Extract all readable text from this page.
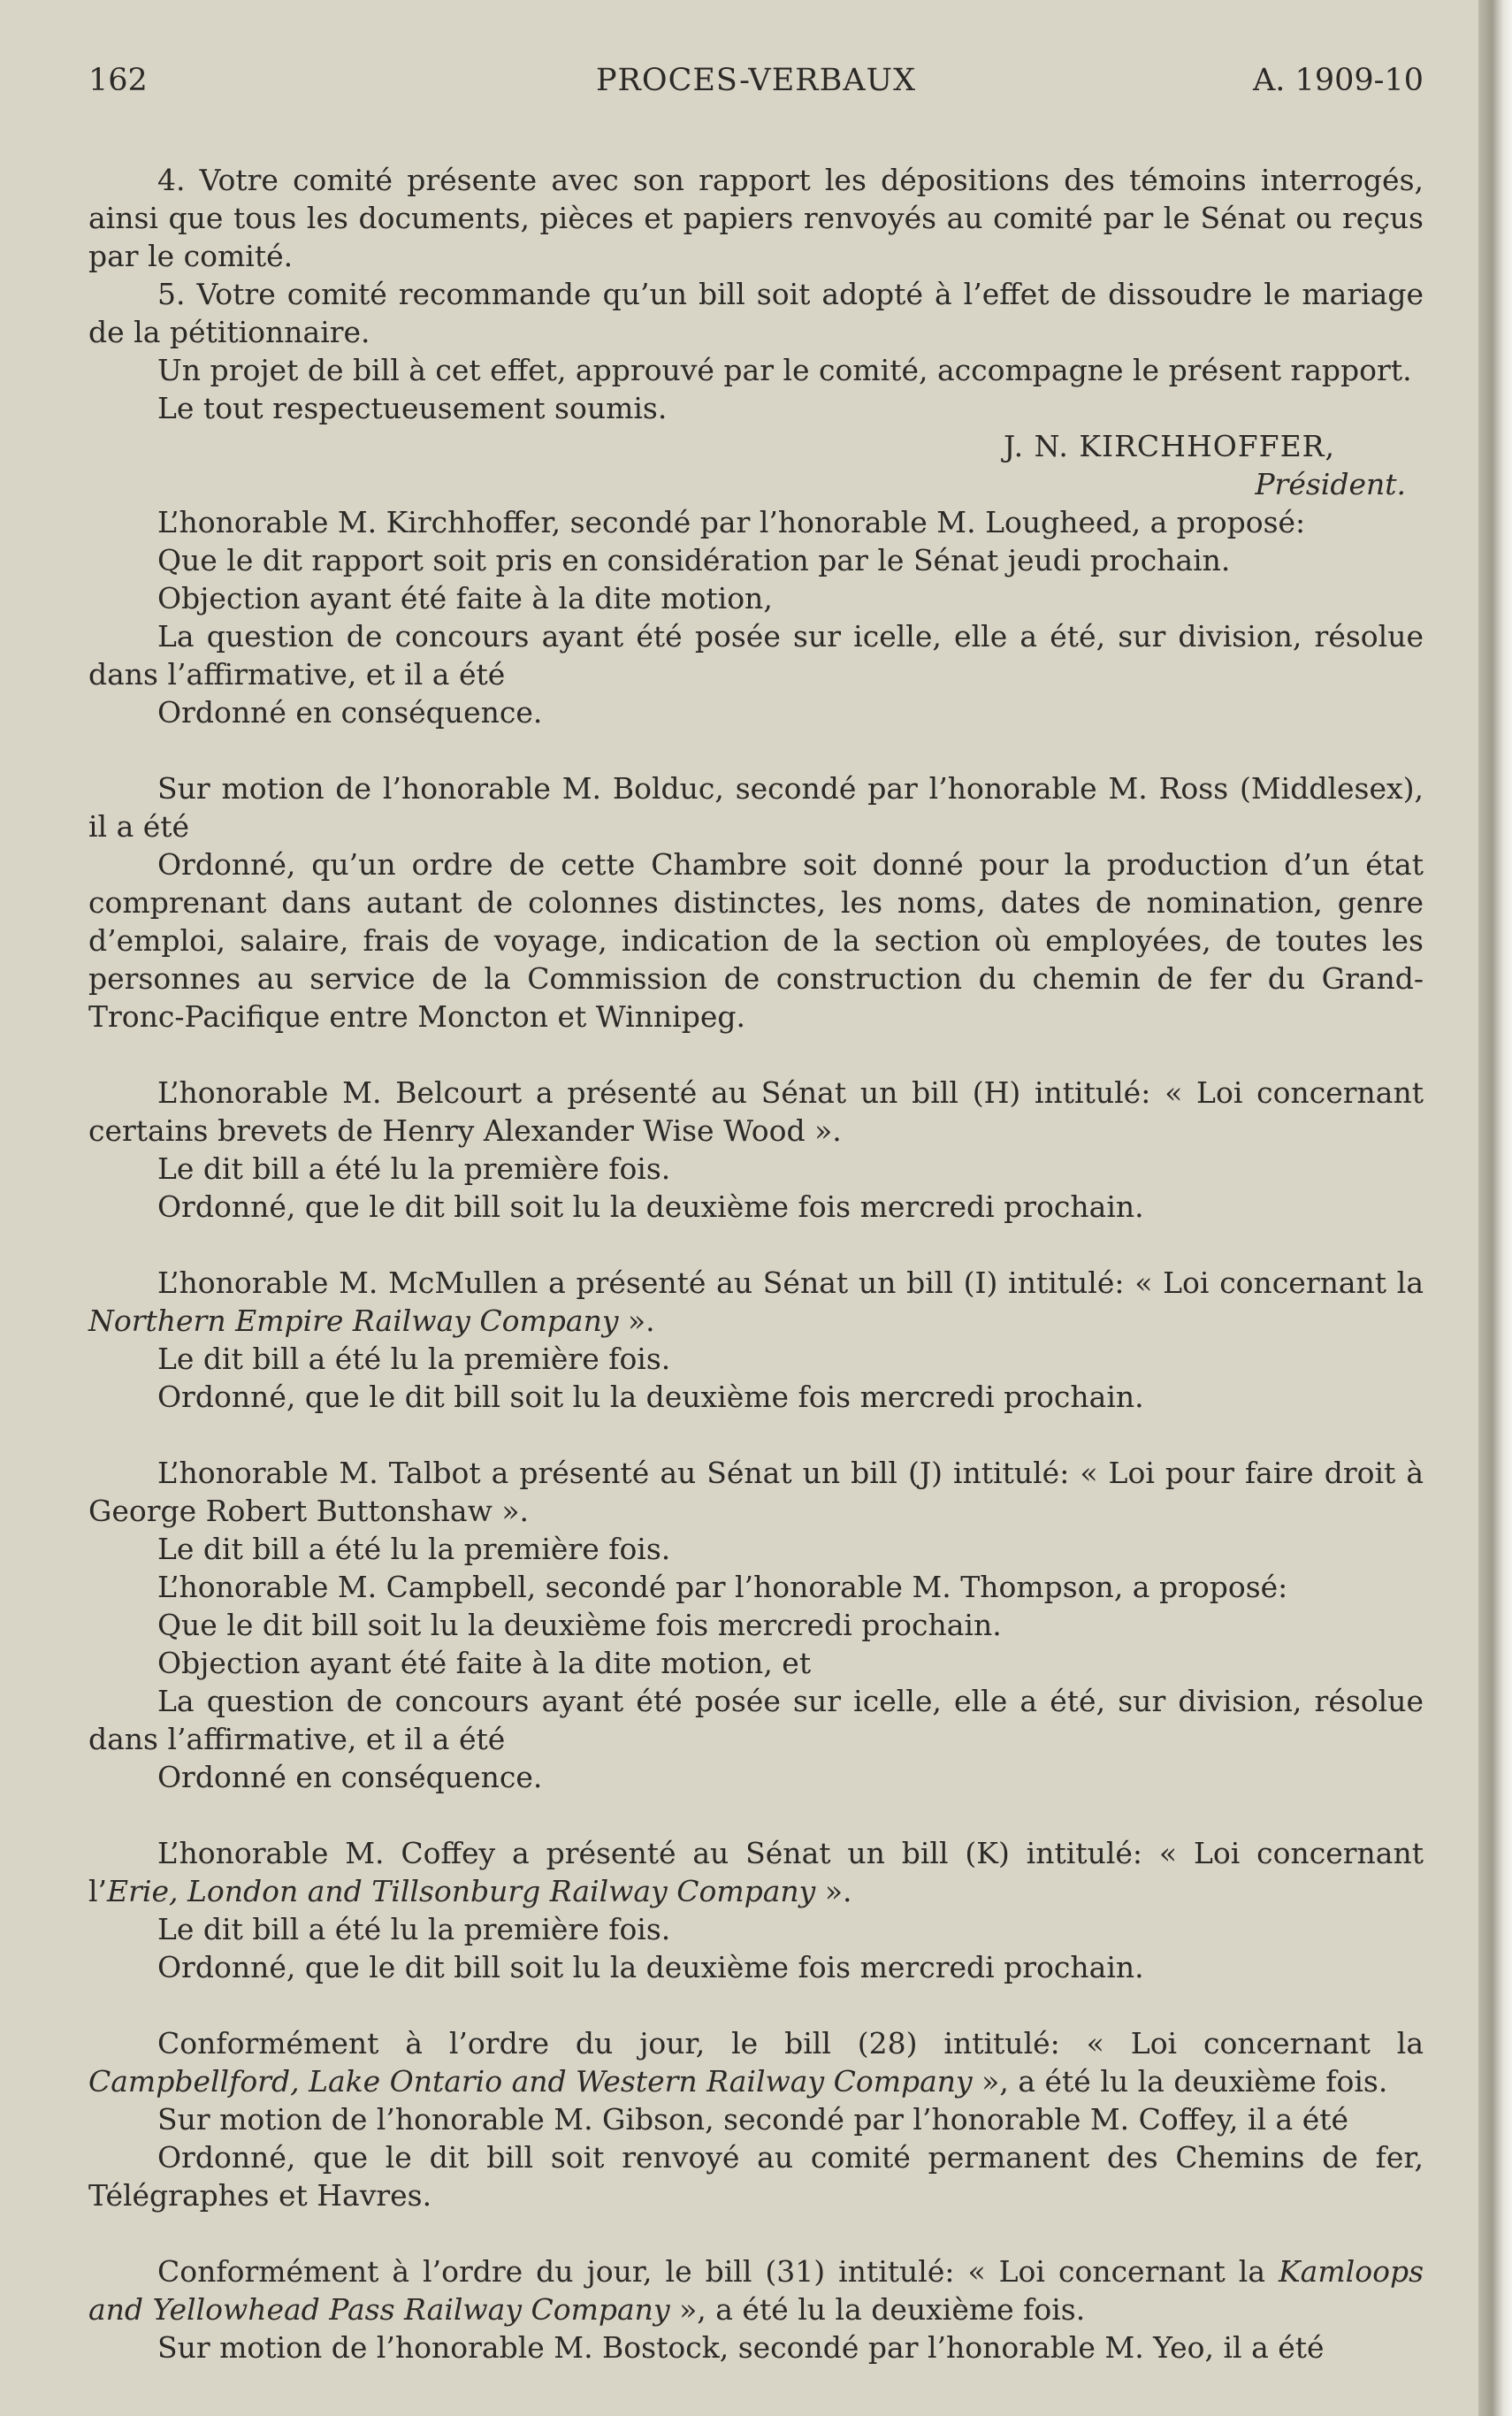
162	PROCES-VERBAUX	A. 1909-10

4. Votre comité présente avec son rapport les dépositions des témoins interrogés, ainsi que tous les documents, pièces et papiers renvoyés au comité par le Sénat ou reçus par le comité.

5. Votre comité recommande qu’un bill soit adopté à l’effet de dissoudre le mariage de la pétitionnaire.

Un projet de bill à cet effet, approuvé par le comité, accompagne le présent rapport.

Le tout respectueusement soumis.

J. N. KIRCHHOFFER,
Président.

L’honorable M. Kirchhoffer, secondé par l’honorable M. Lougheed, a proposé:

Que le dit rapport soit pris en considération par le Sénat jeudi prochain.

Objection ayant été faite à la dite motion,

La question de concours ayant été posée sur icelle, elle a été, sur division, résolue dans l’affirmative, et il a été

Ordonné en conséquence.

Sur motion de l’honorable M. Bolduc, secondé par l’honorable M. Ross (Middlesex), il a été

Ordonné, qu’un ordre de cette Chambre soit donné pour la production d’un état comprenant dans autant de colonnes distinctes, les noms, dates de nomination, genre d’emploi, salaire, frais de voyage, indication de la section où employées, de toutes les personnes au service de la Commission de construction du chemin de fer du Grand-Tronc-Pacifique entre Moncton et Winnipeg.

L’honorable M. Belcourt a présenté au Sénat un bill (H) intitulé: « Loi concernant certains brevets de Henry Alexander Wise Wood ».

Le dit bill a été lu la première fois.

Ordonné, que le dit bill soit lu la deuxième fois mercredi prochain.

L’honorable M. McMullen a présenté au Sénat un bill (I) intitulé: « Loi concernant la Northern Empire Railway Company ».

Le dit bill a été lu la première fois.

Ordonné, que le dit bill soit lu la deuxième fois mercredi prochain.

L’honorable M. Talbot a présenté au Sénat un bill (J) intitulé: « Loi pour faire droit à George Robert Buttonshaw ».

Le dit bill a été lu la première fois.

L’honorable M. Campbell, secondé par l’honorable M. Thompson, a proposé:

Que le dit bill soit lu la deuxième fois mercredi prochain.

Objection ayant été faite à la dite motion, et

La question de concours ayant été posée sur icelle, elle a été, sur division, résolue dans l’affirmative, et il a été

Ordonné en conséquence.

L’honorable M. Coffey a présenté au Sénat un bill (K) intitulé: « Loi concernant l’Erie, London and Tillsonburg Railway Company ».

Le dit bill a été lu la première fois.

Ordonné, que le dit bill soit lu la deuxième fois mercredi prochain.

Conformément à l’ordre du jour, le bill (28) intitulé: « Loi concernant la Campbellford, Lake Ontario and Western Railway Company », a été lu la deuxième fois.

Sur motion de l’honorable M. Gibson, secondé par l’honorable M. Coffey, il a été

Ordonné, que le dit bill soit renvoyé au comité permanent des Chemins de fer, Télégraphes et Havres.

Conformément à l’ordre du jour, le bill (31) intitulé: « Loi concernant la Kamloops and Yellowhead Pass Railway Company », a été lu la deuxième fois.

Sur motion de l’honorable M. Bostock, secondé par l’honorable M. Yeo, il a été
